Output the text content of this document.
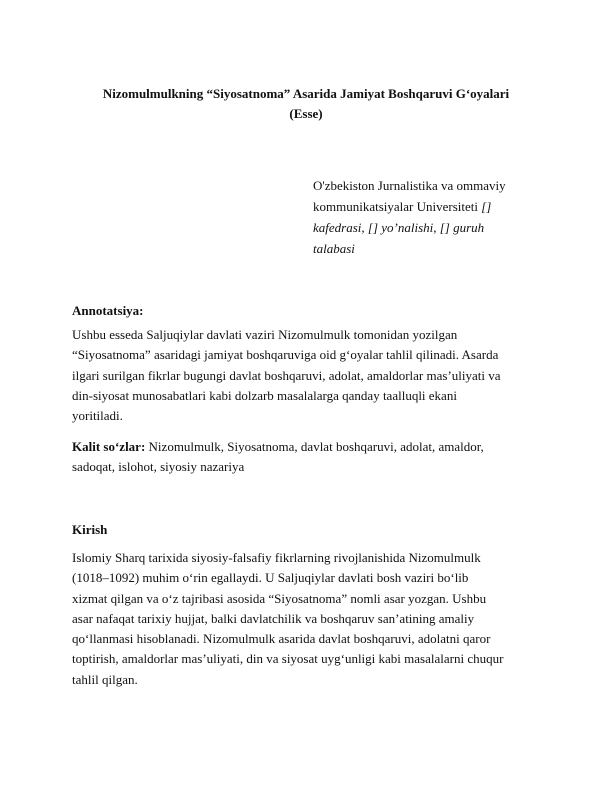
Nizomulmulkning “Siyosatnoma” Asarida Jamiyat Boshqaruvi G‘oyalari
(Esse)
O'zbekiston Jurnalistika va ommaviy
kommunikatsiyalar Universiteti []
kafedrasi, [] yo’nalishi, [] guruh
talabasi

Annotatsiya:

Ushbu esseda Saljuqiylar davlati vaziri Nizomulmulk tomonidan yozilgan
“Siyosatnoma” asaridagi jamiyat boshqaruviga oid g‘oyalar tahlil qilinadi. Asarda
ilgari surilgan fikrlar bugungi davlat boshqaruvi, adolat, amaldorlar mas’uliyati va
din-siyosat munosabatlari kabi dolzarb masalalarga qanday taalluqli ekani
yoritiladi.

Kalit so‘zlar: Nizomulmulk, Siyosatnoma, davlat boshqaruvi, adolat, amaldor,
sadoqat, islohot, siyosiy nazariya

Kirish

Islomiy Sharq tarixida siyosiy-falsafiy fikrlarning rivojlanishida Nizomulmulk
(1018–1092) muhim o‘rin egallaydi. U Saljuqiylar davlati bosh vaziri bo‘lib
xizmat qilgan va o‘z tajribasi asosida “Siyosatnoma” nomli asar yozgan. Ushbu
asar nafaqat tarixiy hujjat, balki davlatchilik va boshqaruv san’atining amaliy
qo‘llanmasi hisoblanadi. Nizomulmulk asarida davlat boshqaruvi, adolatni qaror
toptirish, amaldorlar mas’uliyati, din va siyosat uyg‘unligi kabi masalalarni chuqur
tahlil qilgan.
